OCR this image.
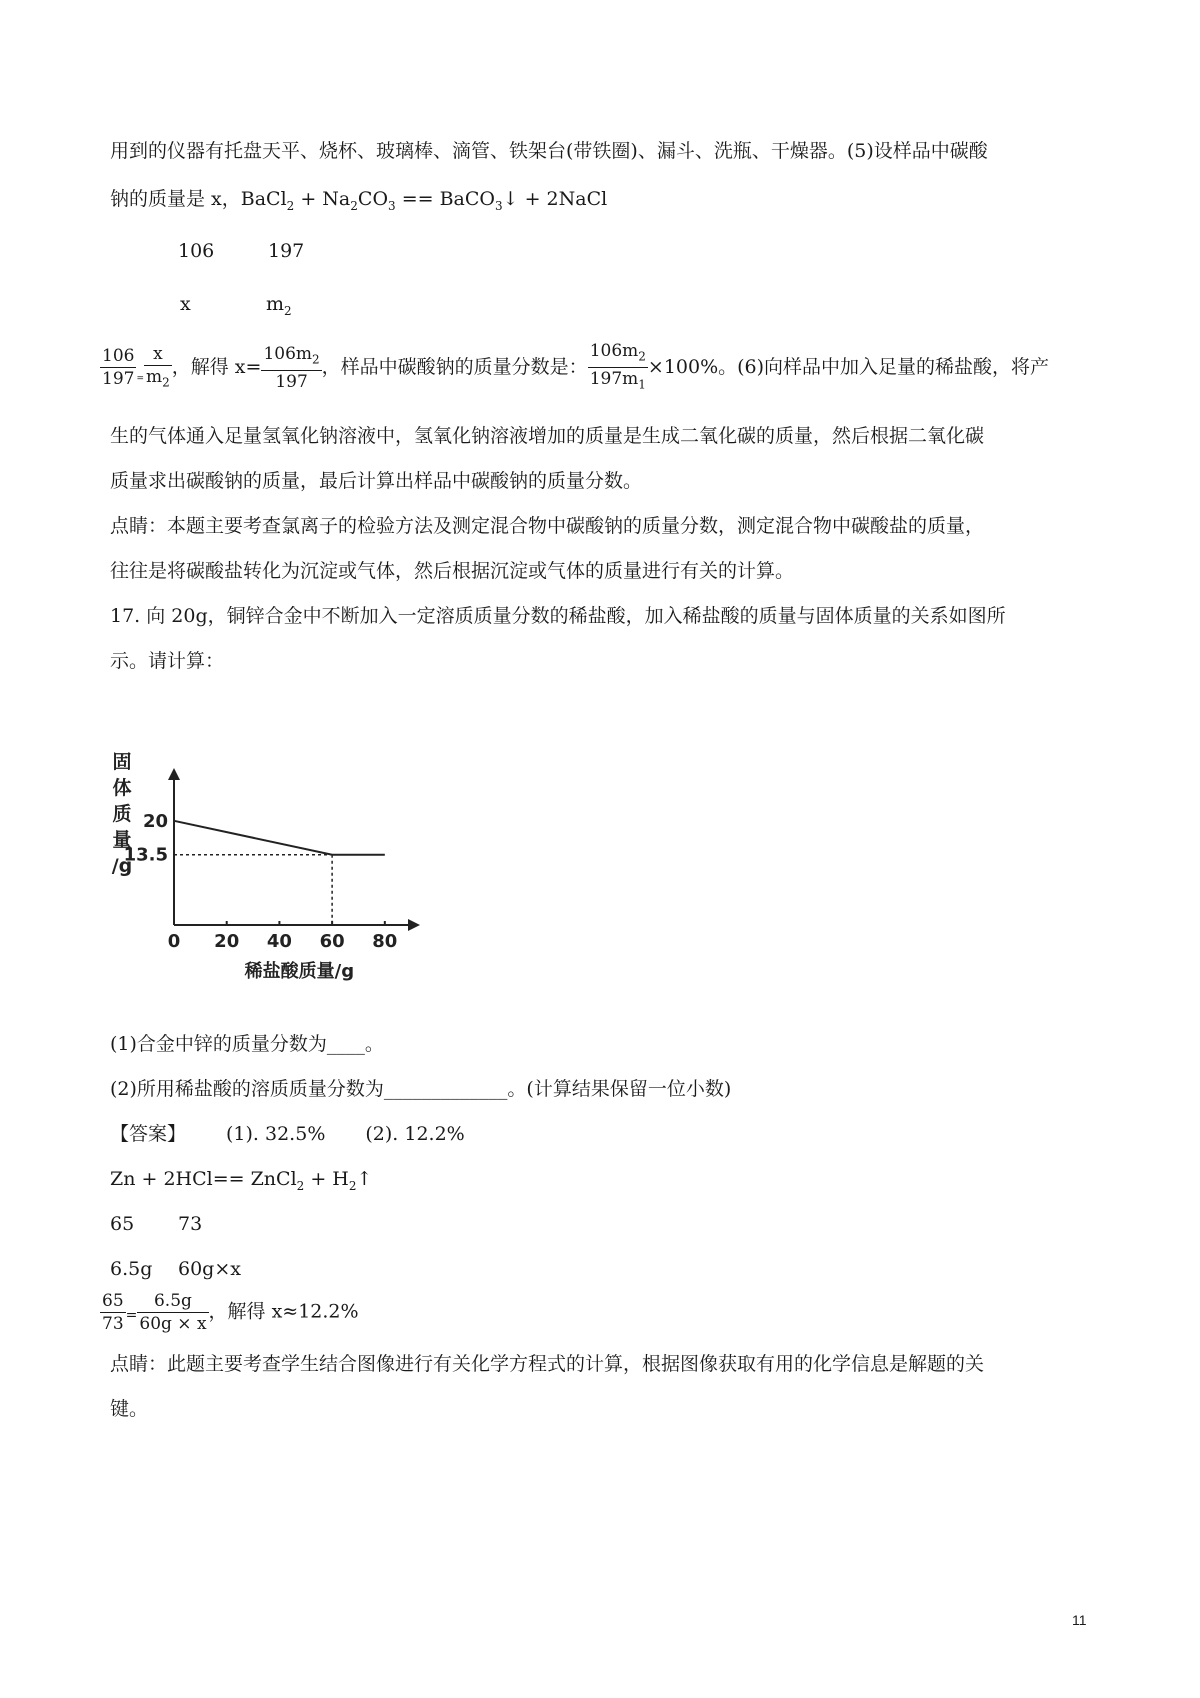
用到的仪器有托盘天平、烧杯、玻璃棒、滴管、铁架台(带铁圈)、漏斗、洗瓶、干燥器。(5)设样品中碳酸
钠的质量是 x，BaCl$_2$ + $Na_2CO_3$ == BaCO$_3$↓ + 2NaCl
106	197
x	$m_2$
$\frac{106}{197} _= \frac{x}{m_2}$ ，解得 $x= \frac{106m_2}{197}$ ，样品中碳酸钠的质量分数是： $\frac{106m_2}{197m_1} \times 100\%$。(6)向样品中加入足量的稀盐酸，将产
生的气体通入足量氢氧化钠溶液中，氢氧化钠溶液增加的质量是生成二氧化碳的质量，然后根据二氧化碳
质量求出碳酸钠的质量，最后计算出样品中碳酸钠的质量分数。
点睛：本题主要考查氯离子的检验方法及测定混合物中碳酸钠的质量分数，测定混合物中碳酸盐的质量，
往往是将碳酸盐转化为沉淀或气体，然后根据沉淀或气体的质量进行有关的计算。
17. 向 20g，铜锌合金中不断加入一定溶质质量分数的稀盐酸，加入稀盐酸的质量与固体质量的关系如图所
示。请计算：
固
体
质
量
/g
0 20 40 60 80
20
13.5
稀盐酸质量/g
(1)合金中锌的质量分数为____。
(2)所用稀盐酸的溶质质量分数为_____________。(计算结果保留一位小数)
【答案】 (1). 32.5% (2). 12.2%
Zn + 2HCl== ZnCl$_2$ + $H_2↑$
65 73
6.5g 60g×x
$\frac{65}{73} = \frac{6.5g}{60g \times x}$ ，解得 x≈12.2%
点睛：此题主要考查学生结合图像进行有关化学方程式的计算，根据图像获取有用的化学信息是解题的关
键。
11
